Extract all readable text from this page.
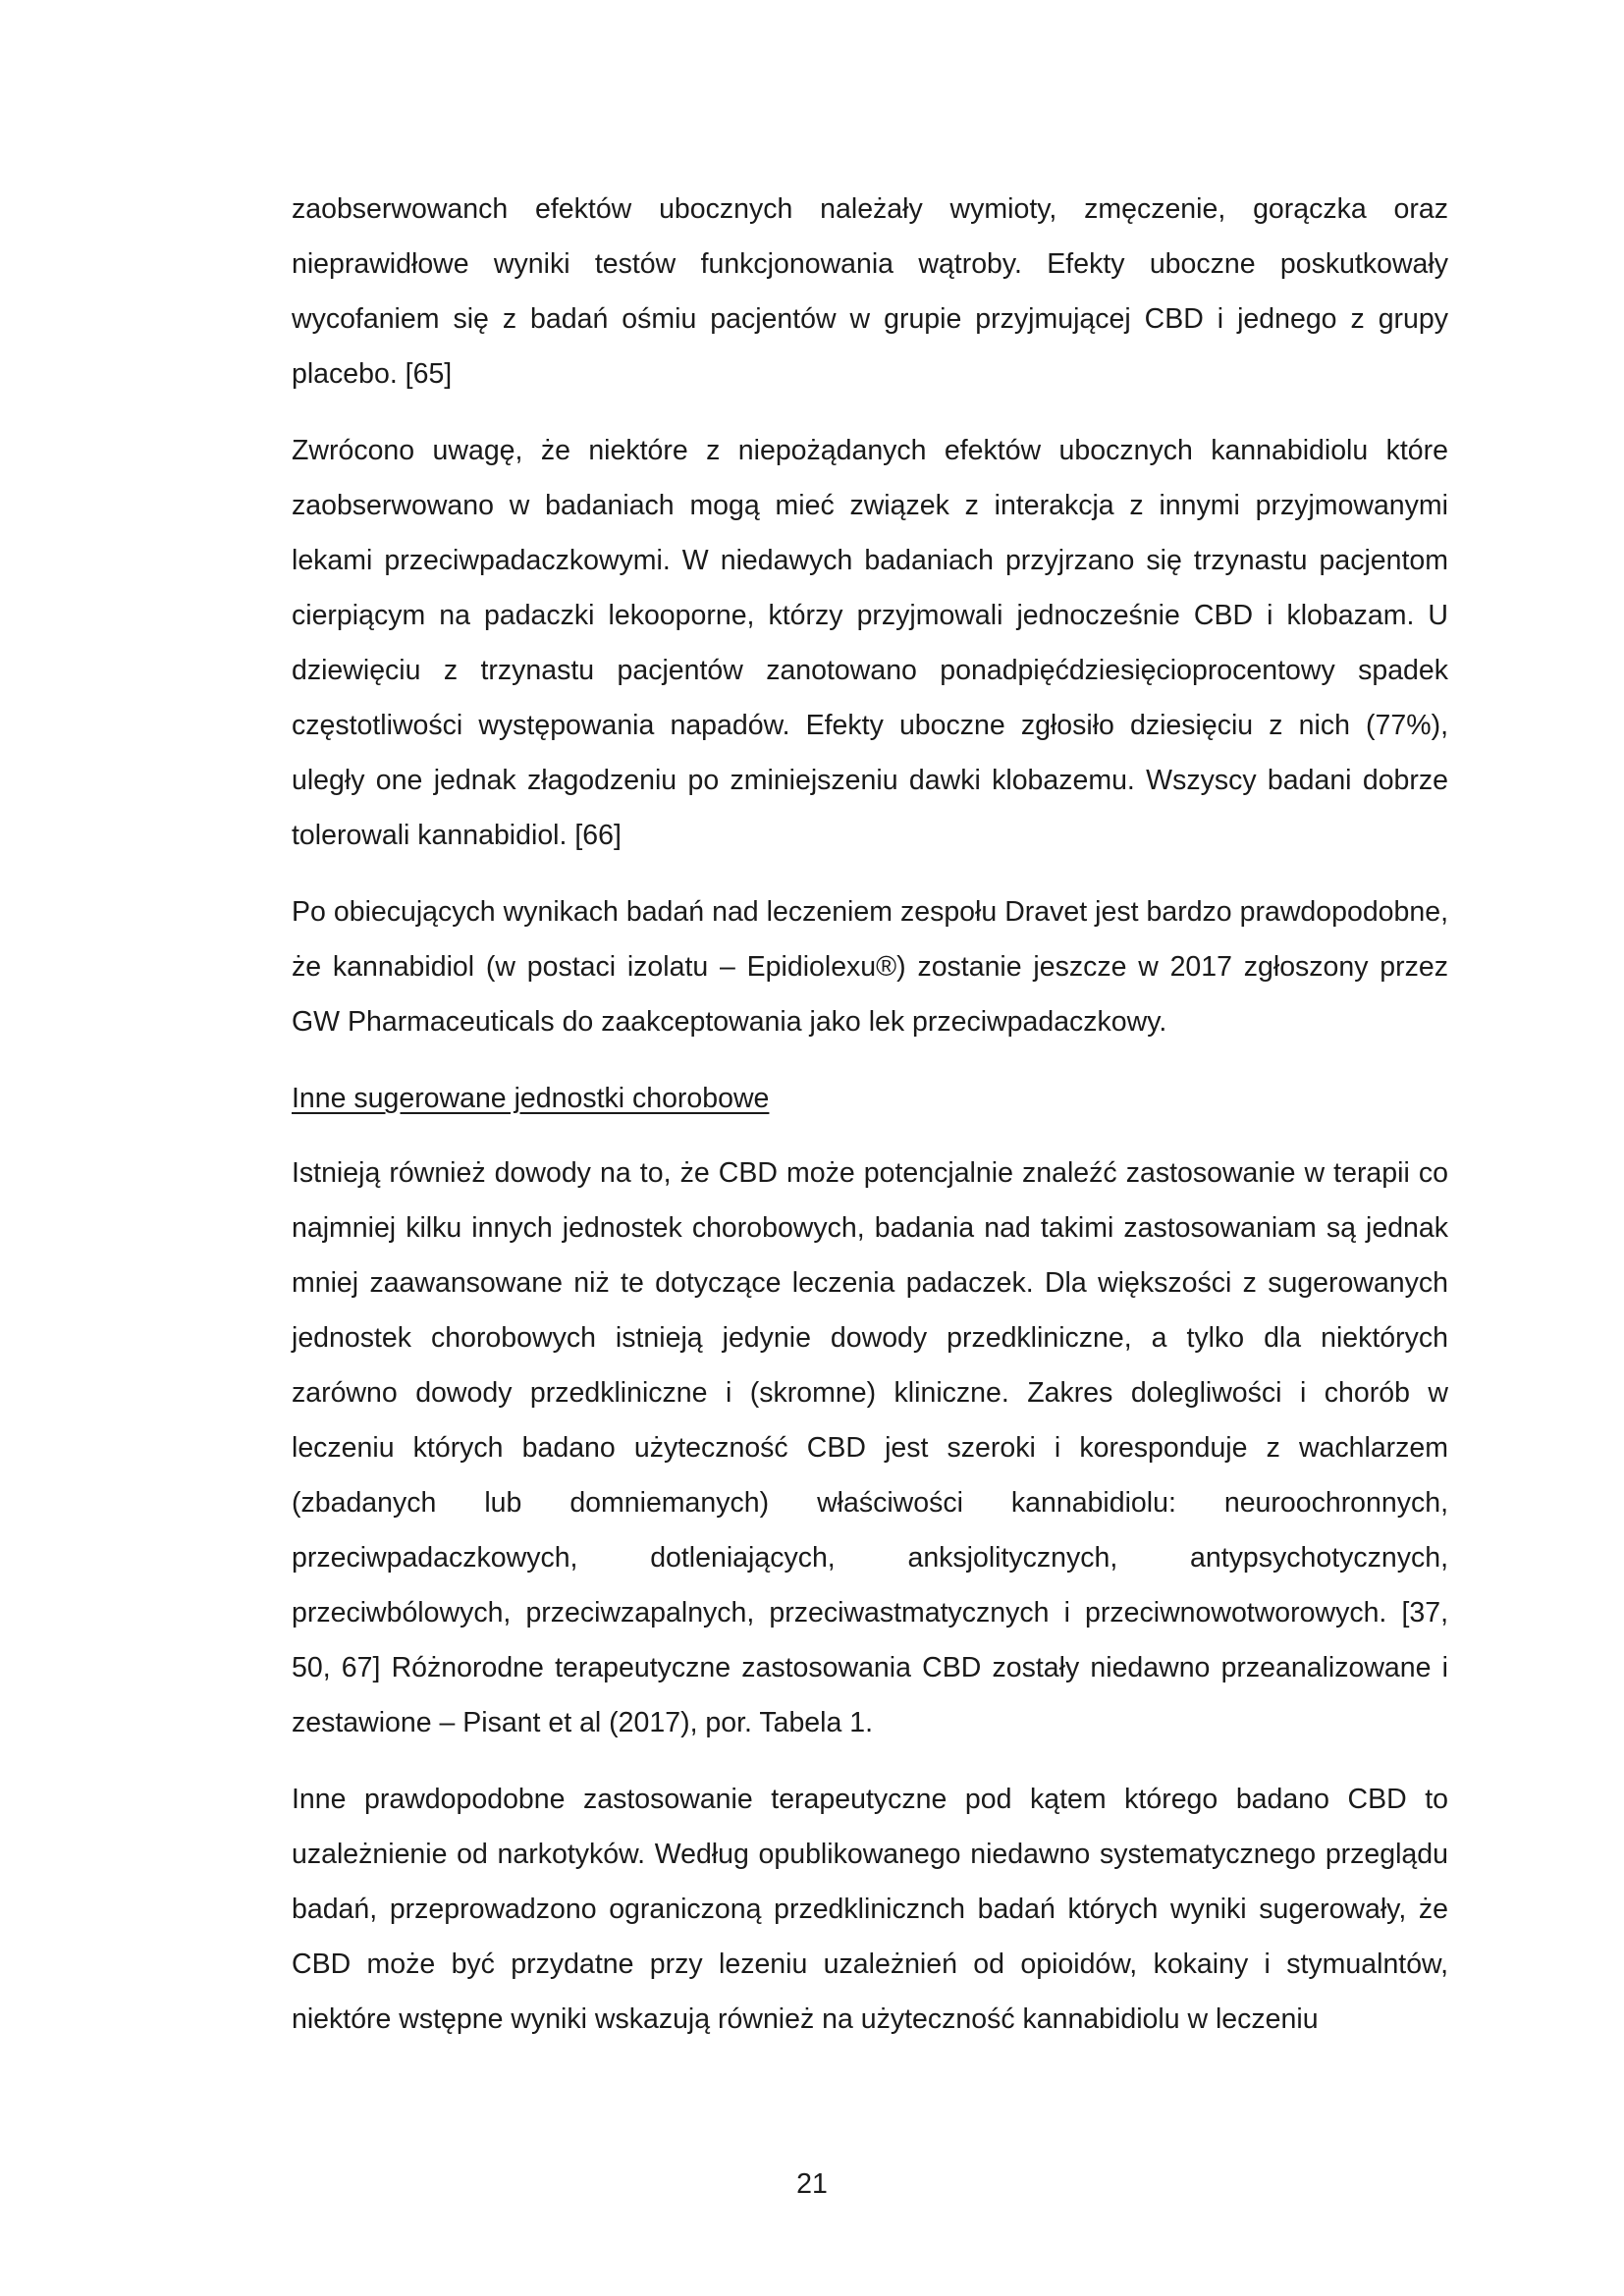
zaobserwowanch efektów ubocznych należały wymioty, zmęczenie, gorączka oraz nieprawidłowe wyniki testów funkcjonowania wątroby. Efekty uboczne poskutkowały wycofaniem się z badań ośmiu pacjentów w grupie przyjmującej CBD i jednego z grupy placebo. [65]

Zwrócono uwagę, że niektóre z niepożądanych efektów ubocznych kannabidiolu które zaobserwowano w badaniach mogą mieć związek z interakcja z innymi przyjmowanymi lekami przeciwpadaczkowymi. W niedawych badaniach przyjrzano się trzynastu pacjentom cierpiącym na padaczki lekooporne, którzy przyjmowali jednocześnie CBD i klobazam. U dziewięciu z trzynastu pacjentów zanotowano ponadpięćdziesięcioprocentowy spadek częstotliwości występowania napadów. Efekty uboczne zgłosiło dziesięciu z nich (77%), uległy one jednak złagodzeniu po zminiejszeniu dawki klobazemu. Wszyscy badani dobrze tolerowali kannabidiol. [66]

Po obiecujących wynikach badań nad leczeniem zespołu Dravet jest bardzo prawdopodobne, że kannabidiol (w postaci izolatu – Epidiolexu®) zostanie jeszcze w 2017 zgłoszony przez GW Pharmaceuticals do zaakceptowania jako lek przeciwpadaczkowy.

Inne sugerowane jednostki chorobowe

Istnieją również dowody na to, że CBD może potencjalnie znaleźć zastosowanie w terapii co najmniej kilku innych jednostek chorobowych, badania nad takimi zastosowaniam są jednak mniej zaawansowane niż te dotyczące leczenia padaczek. Dla większości z sugerowanych jednostek chorobowych istnieją jedynie dowody przedkliniczne, a tylko dla niektórych zarówno dowody przedkliniczne i (skromne) kliniczne. Zakres dolegliwości i chorób w leczeniu których badano użyteczność CBD jest szeroki i koresponduje z wachlarzem (zbadanych lub domniemanych) właściwości kannabidiolu: neuroochronnych, przeciwpadaczkowych, dotleniających, anksjolitycznych, antypsychotycznych, przeciwbólowych, przeciwzapalnych, przeciwastmatycznych i przeciwnowotworowych. [37, 50, 67] Różnorodne terapeutyczne zastosowania CBD zostały niedawno przeanalizowane i zestawione – Pisant et al (2017), por. Tabela 1.

Inne prawdopodobne zastosowanie terapeutyczne pod kątem którego badano CBD to uzależnienie od narkotyków. Według opublikowanego niedawno systematycznego przeglądu badań, przeprowadzono ograniczoną przedklinicznch badań których wyniki sugerowały, że CBD może być przydatne przy lezeniu uzależnień od opioidów, kokainy i stymualntów, niektóre wstępne wyniki wskazują również na użyteczność kannabidiolu w leczeniu

21
